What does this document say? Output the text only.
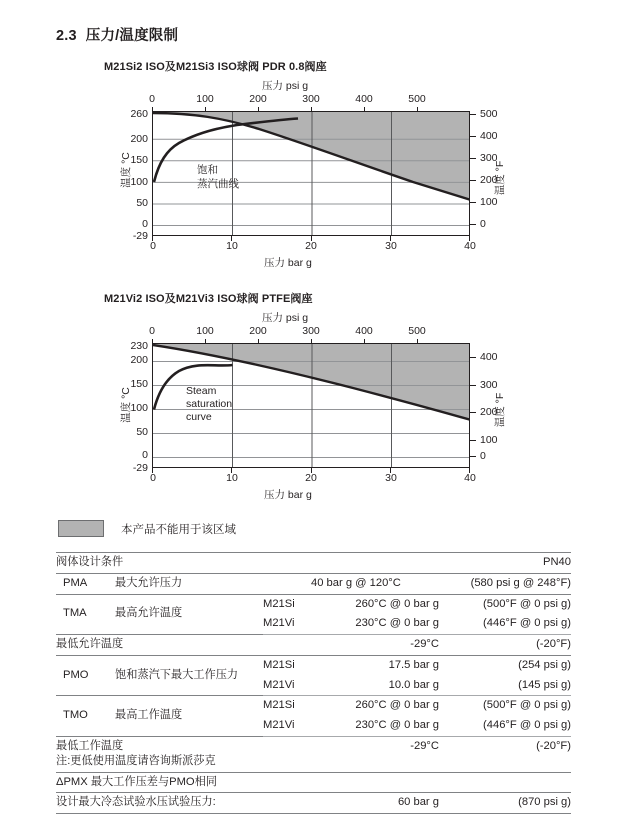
2.3 压力/温度限制
M21Si2 ISO及M21Si3 ISO球阀 PDR 0.8阀座
压力 psi g
0	100	200	300	400	500
温度 °C
260
200
150
100
50
0
-29
温度 °F
500
400
300
200
100
0
饱和
蒸汽曲线
0	10	20	30	40
压力 bar g
M21Vi2 ISO及M21Vi3 ISO球阀 PTFE阀座
压力 psi g
0	100	200	300	400	500
温度 °C
230
200
150
100
50
0
-29
温度 °F
400
300
200
100
0
Steam
saturation
curve
0	10	20	30	40
压力 bar g
本产品不能用于该区域
阀体设计条件				PN40
PMA	最大允许压力		40 bar g @ 120°C	(580 psi g @ 248°F)
TMA	最高允许温度	M21Si	260°C @ 0 bar g	(500°F @ 0 psi g)
		M21Vi	230°C @ 0 bar g	(446°F @ 0 psi g)
最低允许温度			-29°C	(-20°F)
PMO	饱和蒸汽下最大工作压力	M21Si	17.5 bar g	(254 psi g)
		M21Vi	10.0 bar g	(145 psi g)
TMO	最高工作温度	M21Si	260°C @ 0 bar g	(500°F @ 0 psi g)
		M21Vi	230°C @ 0 bar g	(446°F @ 0 psi g)
最低工作温度			-29°C	(-20°F)
注:更低使用温度请咨询斯派莎克				
ΔPMX 最大工作压差与PMO相同				
设计最大冷态试验水压试验压力:			60 bar g	(870 psi g)
